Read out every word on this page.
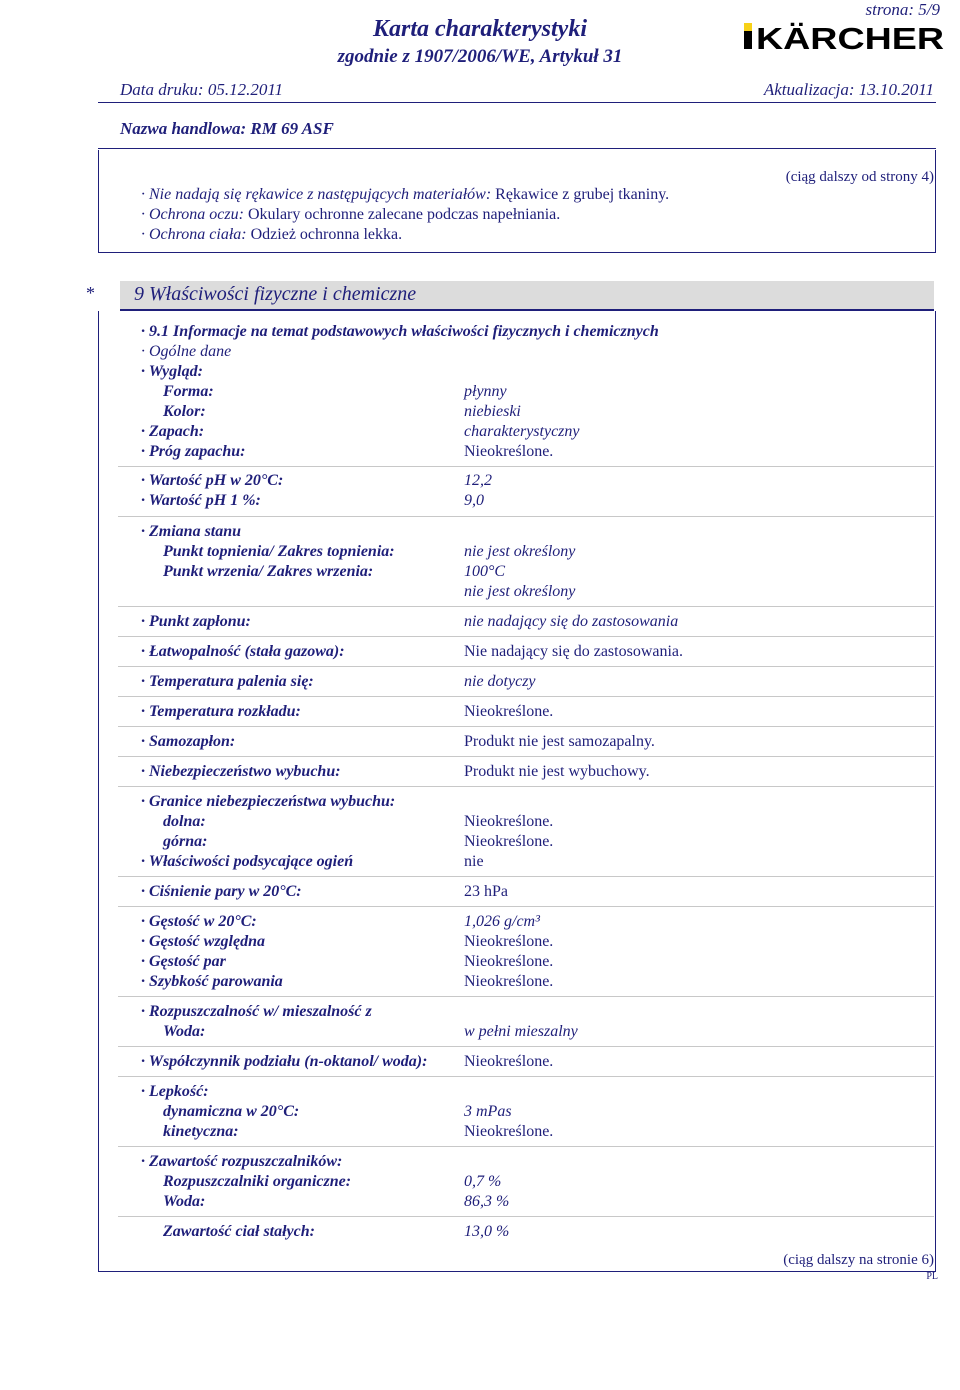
strona: 5/9
Karta charakterystyki
zgodnie z 1907/2006/WE, Artykuł 31
KÄRCHER
Data druku: 05.12.2011	Aktualizacja: 13.10.2011
Nazwa handlowa: RM 69 ASF
(ciąg dalszy od strony 4)
· Nie nadają się rękawice z następujących materiałów: Rękawice z grubej tkaniny.
· Ochrona oczu: Okulary ochronne zalecane podczas napełniania.
· Ochrona ciała: Odzież ochronna lekka.
* 9 Właściwości fizyczne i chemiczne
· 9.1 Informacje na temat podstawowych właściwości fizycznych i chemicznych
· Ogólne dane
· Wygląd:
Forma:	płynny
Kolor:	niebieski
· Zapach:	charakterystyczny
· Próg zapachu:	Nieokreślone.
· Wartość pH w 20°C:	12,2
· Wartość pH 1 %:	9,0
· Zmiana stanu
Punkt topnienia/ Zakres topnienia:	nie jest określony
Punkt wrzenia/ Zakres wrzenia:	100°C
nie jest określony
· Punkt zapłonu:	nie nadający się do zastosowania
· Łatwopalność (stała gazowa):	Nie nadający się do zastosowania.
· Temperatura palenia się:	nie dotyczy
· Temperatura rozkładu:	Nieokreślone.
· Samozapłon:	Produkt nie jest samozapalny.
· Niebezpieczeństwo wybuchu:	Produkt nie jest wybuchowy.
· Granice niebezpieczeństwa wybuchu:
dolna:	Nieokreślone.
górna:	Nieokreślone.
· Właściwości podsycające ogień	nie
· Ciśnienie pary w 20°C:	23 hPa
· Gęstość w 20°C:	1,026 g/cm³
· Gęstość względna	Nieokreślone.
· Gęstość par	Nieokreślone.
· Szybkość parowania	Nieokreślone.
· Rozpuszczalność w/ mieszalność z
Woda:	w pełni mieszalny
· Współczynnik podziału (n-oktanol/ woda): Nieokreślone.
· Lepkość:
dynamiczna w 20°C:	3 mPas
kinetyczna:	Nieokreślone.
· Zawartość rozpuszczalników:
Rozpuszczalniki organiczne:	0,7 %
Woda:	86,3 %
Zawartość ciał stałych:	13,0 %
(ciąg dalszy na stronie 6)
PL
